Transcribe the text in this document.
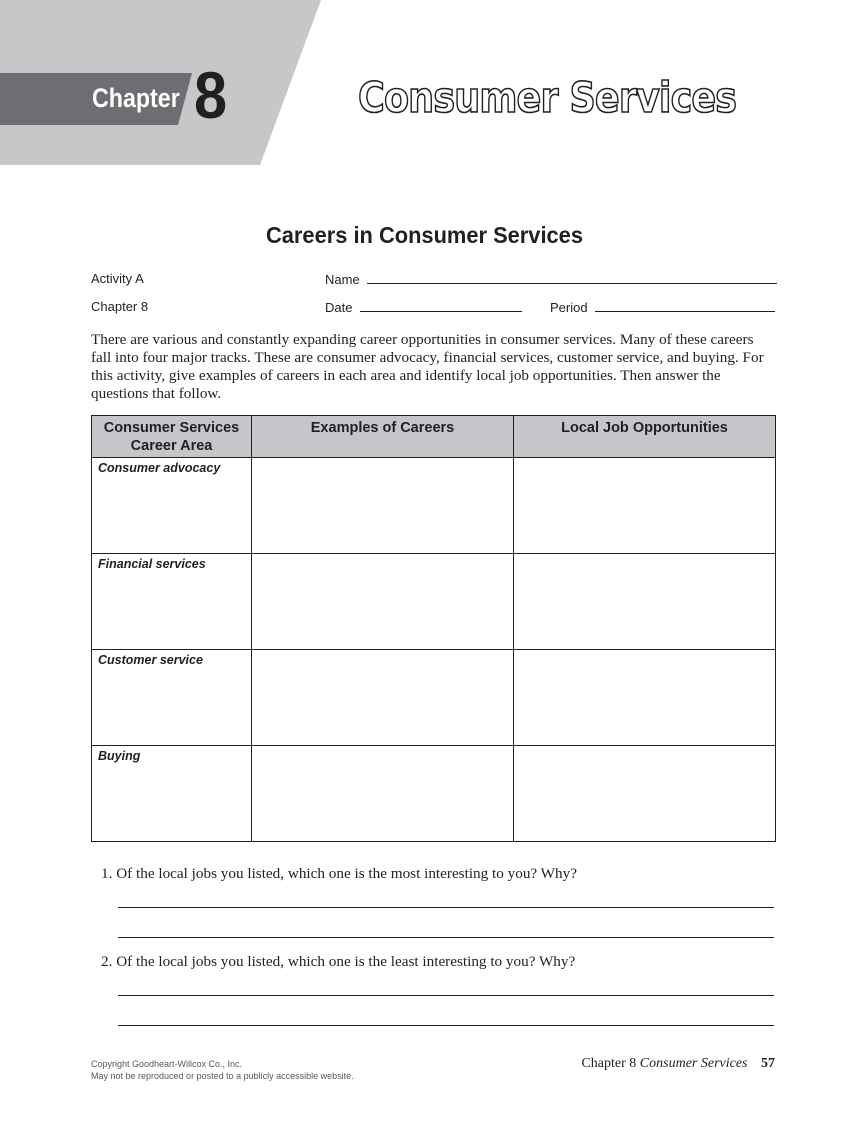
Chapter 8	Consumer Services
Careers in Consumer Services
Activity A
Chapter 8
Name
Date	Period
There are various and constantly expanding career opportunities in consumer services. Many of these careers fall into four major tracks. These are consumer advocacy, financial services, customer service, and buying. For this activity, give examples of careers in each area and identify local job opportunities. Then answer the questions that follow.
Consumer Services Career Area	Examples of Careers	Local Job Opportunities

Consumer advocacy		

Financial services		

Customer service		

Buying		

1. Of the local jobs you listed, which one is the most interesting to you? Why?
2. Of the local jobs you listed, which one is the least interesting to you? Why?
Copyright Goodheart-Willcox Co., Inc.
May not be reproduced or posted to a publicly accessible website.
Chapter 8 Consumer Services 57
